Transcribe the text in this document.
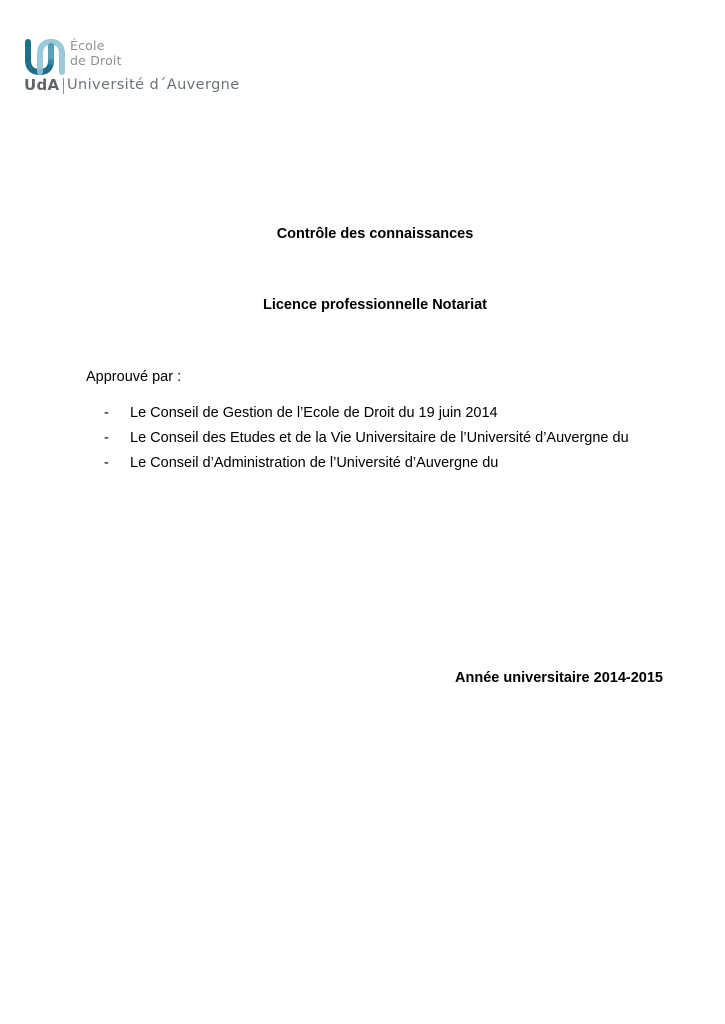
École
de Droit
UdA Université d´Auvergne
Contrôle des connaissances
Licence professionnelle Notariat
Approuvé par :
- Le Conseil de Gestion de l’Ecole de Droit du 19 juin 2014
- Le Conseil des Etudes et de la Vie Universitaire de l’Université d’Auvergne du
- Le Conseil d’Administration de l’Université d’Auvergne du
Année universitaire 2014-2015
